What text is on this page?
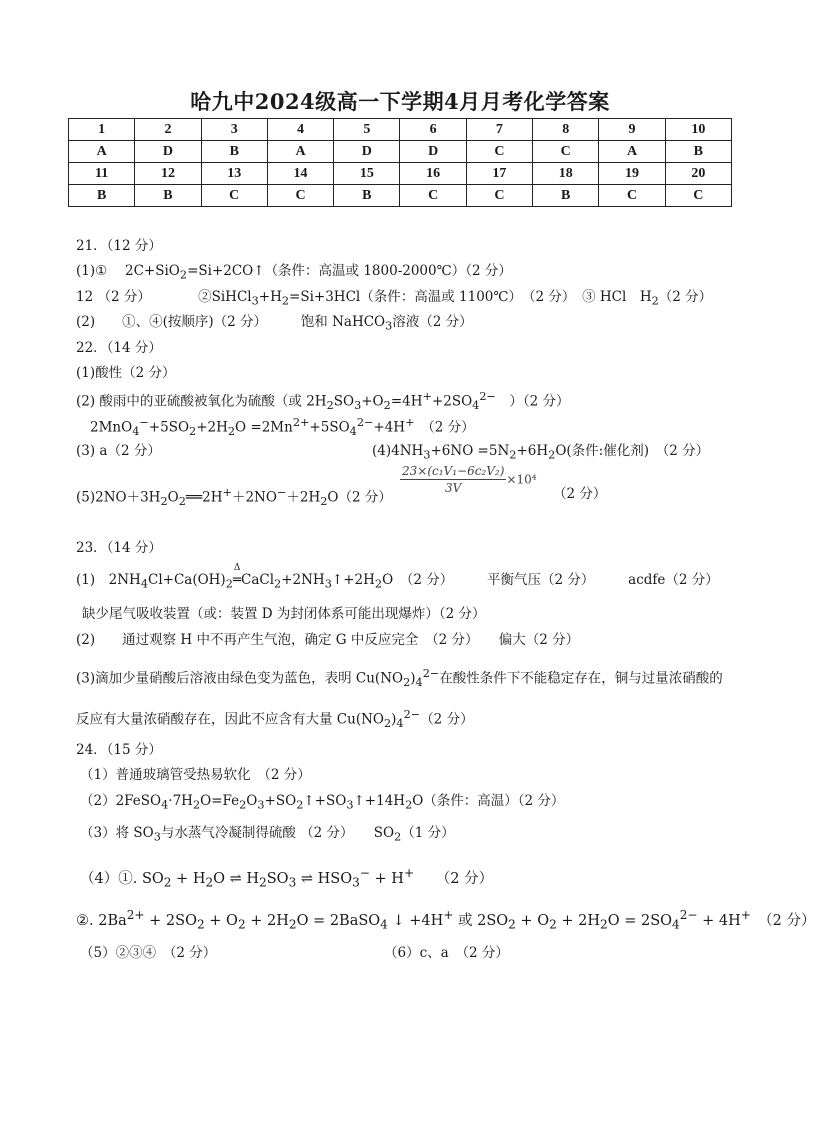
哈九中2024级高一下学期4月月考化学答案
1	2	3	4	5	6	7	8	9	10
A	D	B	A	D	D	C	C	A	B
11	12	13	14	15	16	17	18	19	20
B	B	C	C	B	C	C	B	C	C
21．（12 分）
(1)①　 2C+SiO$_2$=Si+2CO↑（条件：高温或 1800-2000℃）（2 分）
12 （2 分）　　　　$②SiHCl_3+H_2=Si+3HCl$（条件：高温或 1100℃）　（2 分）　③ HCl　$H_2(2$ 分）
(2)　　①、④(按顺序)（2 分）　　　饱和 NaHCO$_3$溶液（2 分）
22．（14 分）
(1)酸性（2 分）
(2) 酸雨中的亚硫酸被氧化为硫酸（或 $2H_2SO_3+O_2=4H^++2SO_4^{2-}$　）（2 分）
$2MnO_4^-+5SO_2+2H_2O =2Mn^{2+}+5SO_4^{2-}+4H^+$　（2 分）
(3) a（2 分）	$(4)4NH_3+6NO =5N_2+6H_2O$(条件:催化剂)　（2 分）
$(5)2NO+3H_2O_2══2H^++2NO^-+2H_2O(2$ 分）
$\frac{\text{23×(c₁V₁−6c₂V₂)}}{3V} \times 10^4$
（2 分）
23．（14 分）
(1)　$2NH_4Cl+Ca(OH)_2$
Δ
$═CaCl_2+2NH_3↑+2H_2O$　（2 分）　　　平衡气压（2 分）　　　acdfe（2 分）
缺少尾气吸收装置（或：装置 D 为封闭体系可能出现爆炸）（2 分）
(2)　　通过观察 H 中不再产生气泡，确定 G 中反应完全　（2 分）　　偏大（2 分）
(3)滴加少量硝酸后溶液由绿色变为蓝色，表明 $Cu(NO_2)_4^{2-}$在酸性条件下不能稳定存在，铜与过量浓硝酸的
反应有大量浓硝酸存在，因此不应含有大量 $Cu(NO_2)_4^{2-}(2$ 分）
24．（15 分）
（1）普通玻璃管受热易软化　（2 分）
$(2)2FeSO_4\cdot 7H_2O=Fe_2O_3+SO_2↑+SO_3↑+14H_2O$（条件：高温）（2 分）
（3）将 $SO_3$与水蒸气冷凝制得硫酸 （2 分）　　$SO_2(1$ 分）
（4）①. $SO_2 + H_2O$ ⇌ $H_2SO_3$ ⇌ $HSO_3^- + H^+$　　（2 分）
②. $2Ba^{2+} + 2SO_2 + O_2 + 2H_2O$ = 2BaSO$_4$ ↓ +4H+ 或 $2SO_2 + O_2 + 2H_2O = 2SO_4^{2-} + 4H^+$　（2 分）
（5）②③④　（2 分）	（6）c、a　（2 分）
